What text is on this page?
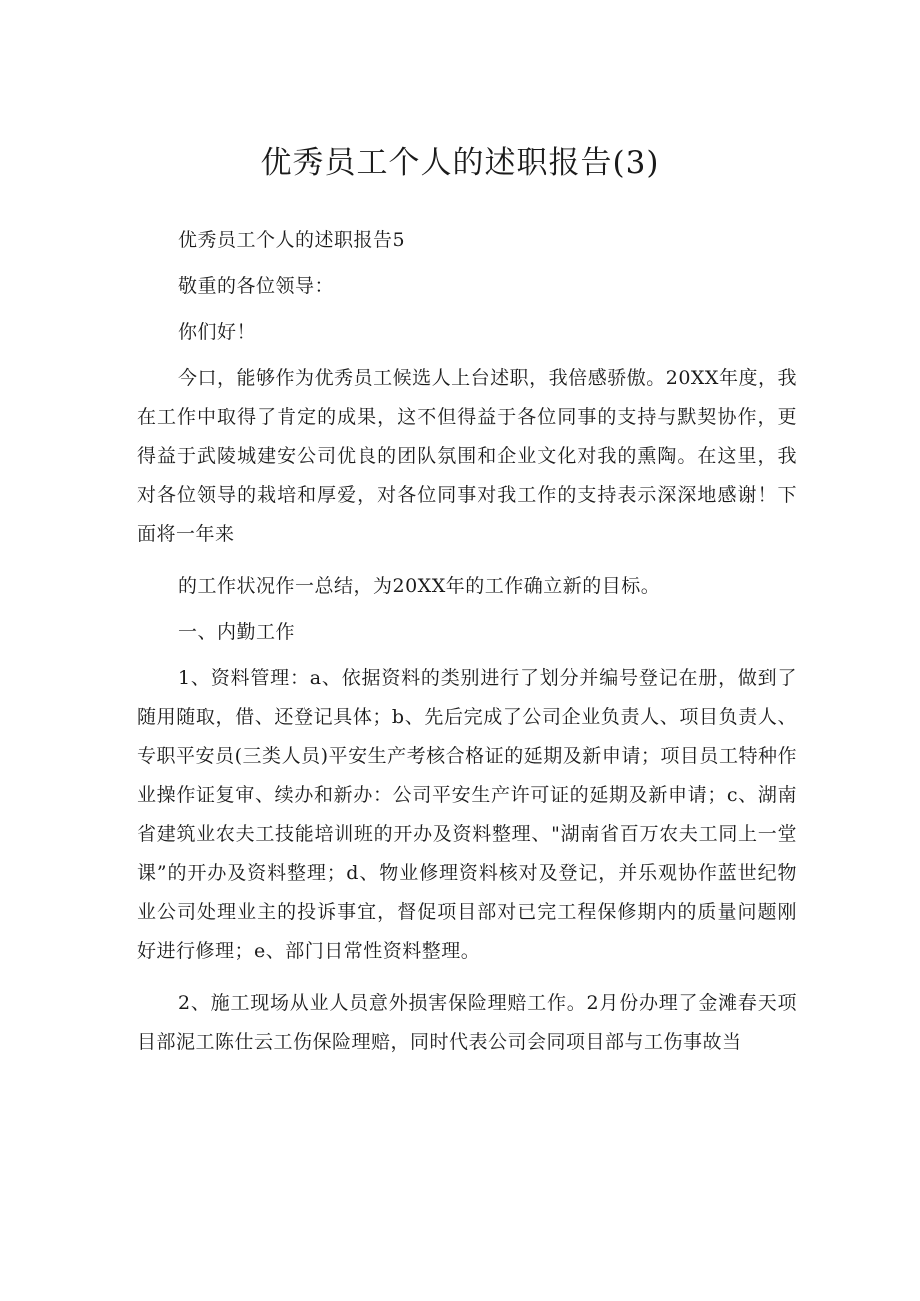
优秀员工个人的述职报告(3)

优秀员工个人的述职报告5

敬重的各位领导：

你们好！

今口，能够作为优秀员工候选人上台述职，我倍感骄傲。20XX年度，我在工作中取得了肯定的成果，这不但得益于各位同事的支持与默契协作，更得益于武陵城建安公司优良的团队氛围和企业文化对我的熏陶。在这里，我对各位领导的栽培和厚爱，对各位同事对我工作的支持表示深深地感谢！下面将一年来

的工作状况作一总结，为20XX年的工作确立新的目标。

一、内勤工作

1、资料管理：a、依据资料的类别进行了划分并编号登记在册，做到了随用随取，借、还登记具体；b、先后完成了公司企业负责人、项目负责人、专职平安员(三类人员)平安生产考核合格证的延期及新申请；项目员工特种作业操作证复审、续办和新办：公司平安生产许可证的延期及新申请；c、湖南省建筑业农夫工技能培训班的开办及资料整理、"湖南省百万农夫工同上一堂课”的开办及资料整理；d、物业修理资料核对及登记，并乐观协作蓝世纪物业公司处理业主的投诉事宜，督促项目部对已完工程保修期内的质量问题刚好进行修理；e、部门日常性资料整理。

2、施工现场从业人员意外损害保险理赔工作。2月份办理了金滩春天项目部泥工陈仕云工伤保险理赔，同时代表公司会同项目部与工伤事故当
